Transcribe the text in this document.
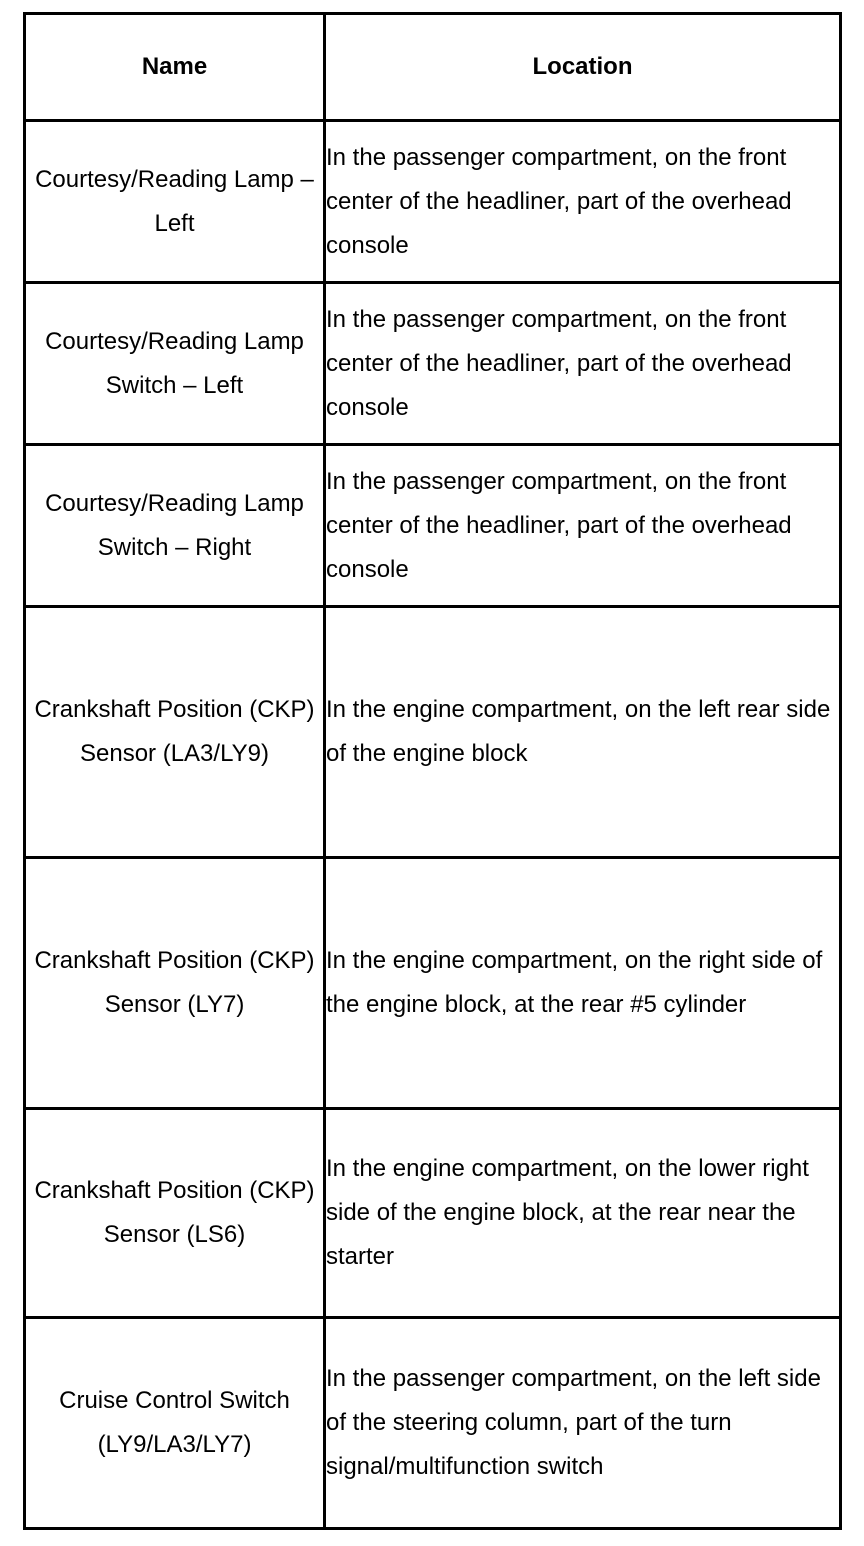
Name	Location
Courtesy/Reading Lamp – Left	In the passenger compartment, on the front center of the headliner, part of the overhead console
Courtesy/Reading Lamp Switch – Left	In the passenger compartment, on the front center of the headliner, part of the overhead console
Courtesy/Reading Lamp Switch – Right	In the passenger compartment, on the front center of the headliner, part of the overhead console
Crankshaft Position (CKP) Sensor (LA3/LY9)	In the engine compartment, on the left rear side of the engine block
Crankshaft Position (CKP) Sensor (LY7)	In the engine compartment, on the right side of the engine block, at the rear #5 cylinder
Crankshaft Position (CKP) Sensor (LS6)	In the engine compartment, on the lower right side of the engine block, at the rear near the starter
Cruise Control Switch (LY9/LA3/LY7)	In the passenger compartment, on the left side of the steering column, part of the turn signal/multifunction switch
